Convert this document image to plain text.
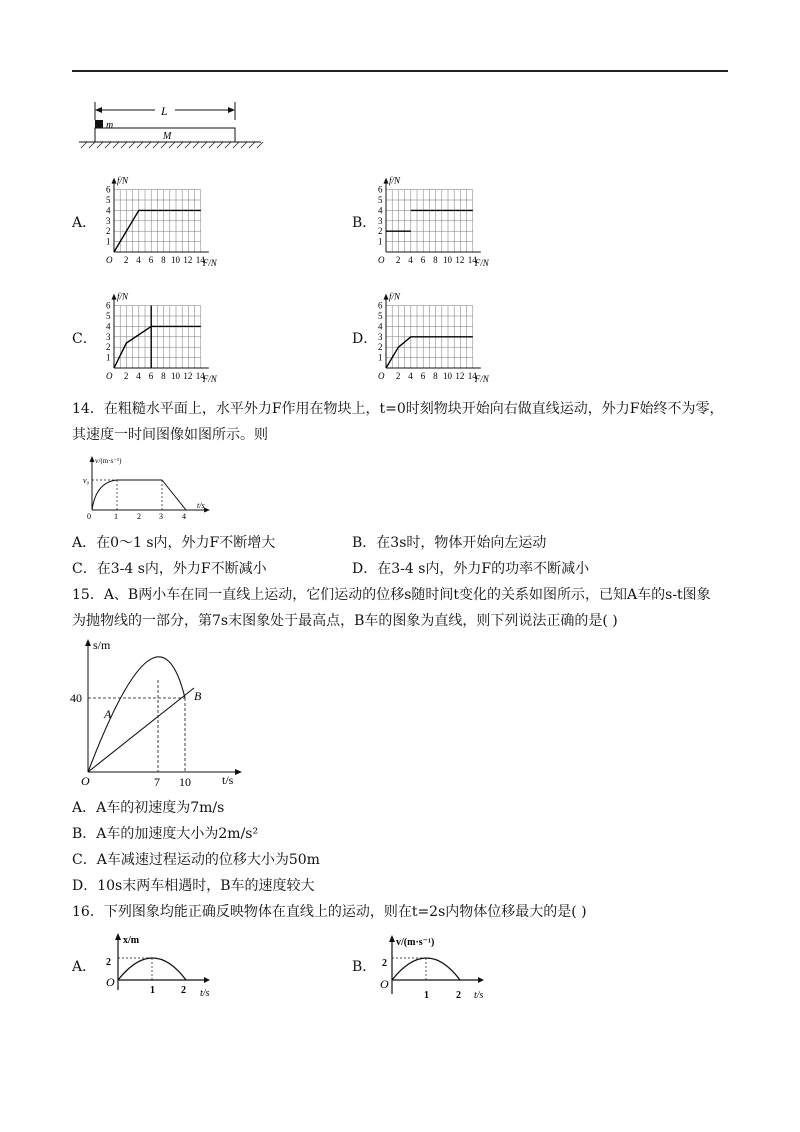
L
m
M
A．
f/N
F/N
O
1
2
3
4
5
6
2 4 6 8 10 12 14
B．
f/N
F/N
O
1
2
3
4
5
6
2 4 6 8 10 12 14
C．
f/N
F/N
O
1
2
3
4
5
6
2 4 6 8 10 12 14
D．
f/N
F/N
O
1
2
3
4
5
6
2 4 6 8 10 12 14
14．在粗糙水平面上，水平外力F作用在物块上，t=0时刻物块开始向右做直线运动，外力F始终不为零，
其速度一时间图像如图所示。则
v/(m·s⁻¹)
t/s
v₀
0	1 2 3 4
A．在0～1 s内，外力F不断增大	B．在3s时，物体开始向左运动
C．在3-4 s内，外力F不断减小	D．在3-4 s内，外力F的功率不断减小
15．A、B两小车在同一直线上运动，它们运动的位移s随时间t变化的关系如图所示，已知A车的s-t图象
为抛物线的一部分，第7s末图象处于最高点，B车的图象为直线，则下列说法正确的是( )
s/m
t/s
O
40
7 10
A
B
A．A车的初速度为7m/s
B．A车的加速度大小为2m/s²
C．A车减速过程运动的位移大小为50m
D．10s末两车相遇时，B车的速度较大
16．下列图象均能正确反映物体在直线上的运动，则在t=2s内物体位移最大的是( )
A．
x/m
t/s
O
2
1	2
B．
v/(m·s⁻¹)
t/s
O
2
1	2
